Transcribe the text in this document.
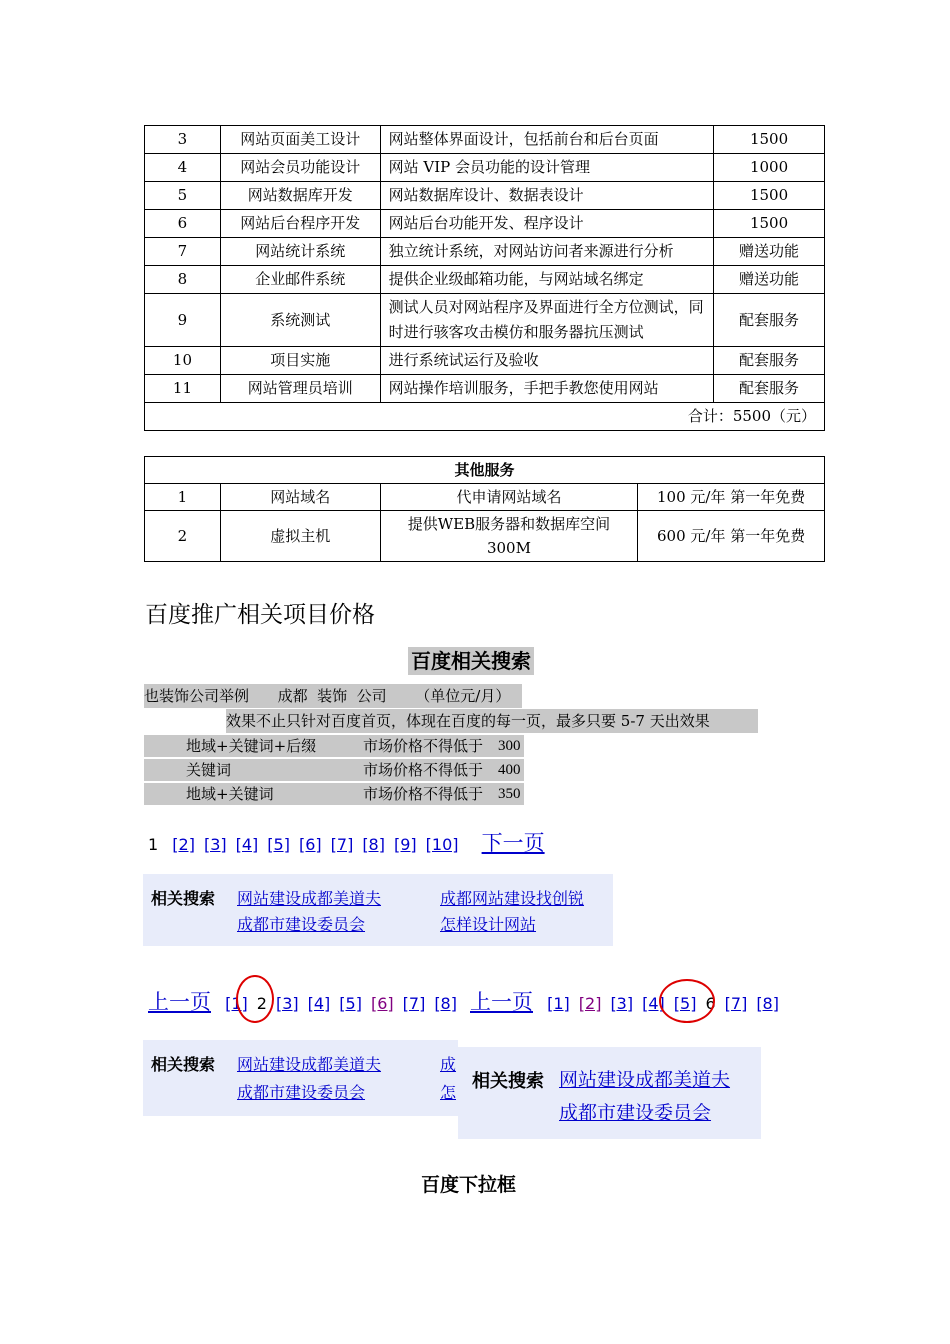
3	网站页面美工设计	网站整体界面设计，包括前台和后台页面	1500
4	网站会员功能设计	网站 VIP 会员功能的设计管理	1000
5	网站数据库开发	网站数据库设计、数据表设计	1500
6	网站后台程序开发	网站后台功能开发、程序设计	1500
7	网站统计系统	独立统计系统，对网站访问者来源进行分析	赠送功能
8	企业邮件系统	提供企业级邮箱功能，与网站域名绑定	赠送功能
9	系统测试	测试人员对网站程序及界面进行全方位测试，同时进行骇客攻击模仿和服务器抗压测试	配套服务
10	项目实施	进行系统试运行及验收	配套服务
11	网站管理员培训	网站操作培训服务，手把手教您使用网站	配套服务
合计：5500（元）			
其他服务			
1	网站域名	代申请网站域名	100 元/年 第一年免费
2	虚拟主机	提供WEB服务器和数据库空间 300M	600 元/年 第一年免费
百度推广相关项目价格
百度相关搜索
也装饰公司举例      成都  装饰  公司      （单位元/月）
效果不止只针对百度首页，体现在百度的每一页，最多只要 5-7 天出效果
地域+关键词+后缀	市场价格不得低于 300
关键词	市场价格不得低于 400
地域+关键词	市场价格不得低于 350
1 [2] [3] [4] [5] [6] [7] [8] [9] [10] 下一页
相关搜索 网站建设成都美道夫	成都网站建设找创锐
成都市建设委员会	怎样设计网站
上一页 [1] 2 [3] [4] [5] [6] [7] [8] 上一页 [1] [2] [3] [4] [5] 6 [7] [8]
相关搜索 网站建设成都美道夫	成
成都市建设委员会	怎
相关搜索 网站建设成都美道夫
成都市建设委员会
百度下拉框
